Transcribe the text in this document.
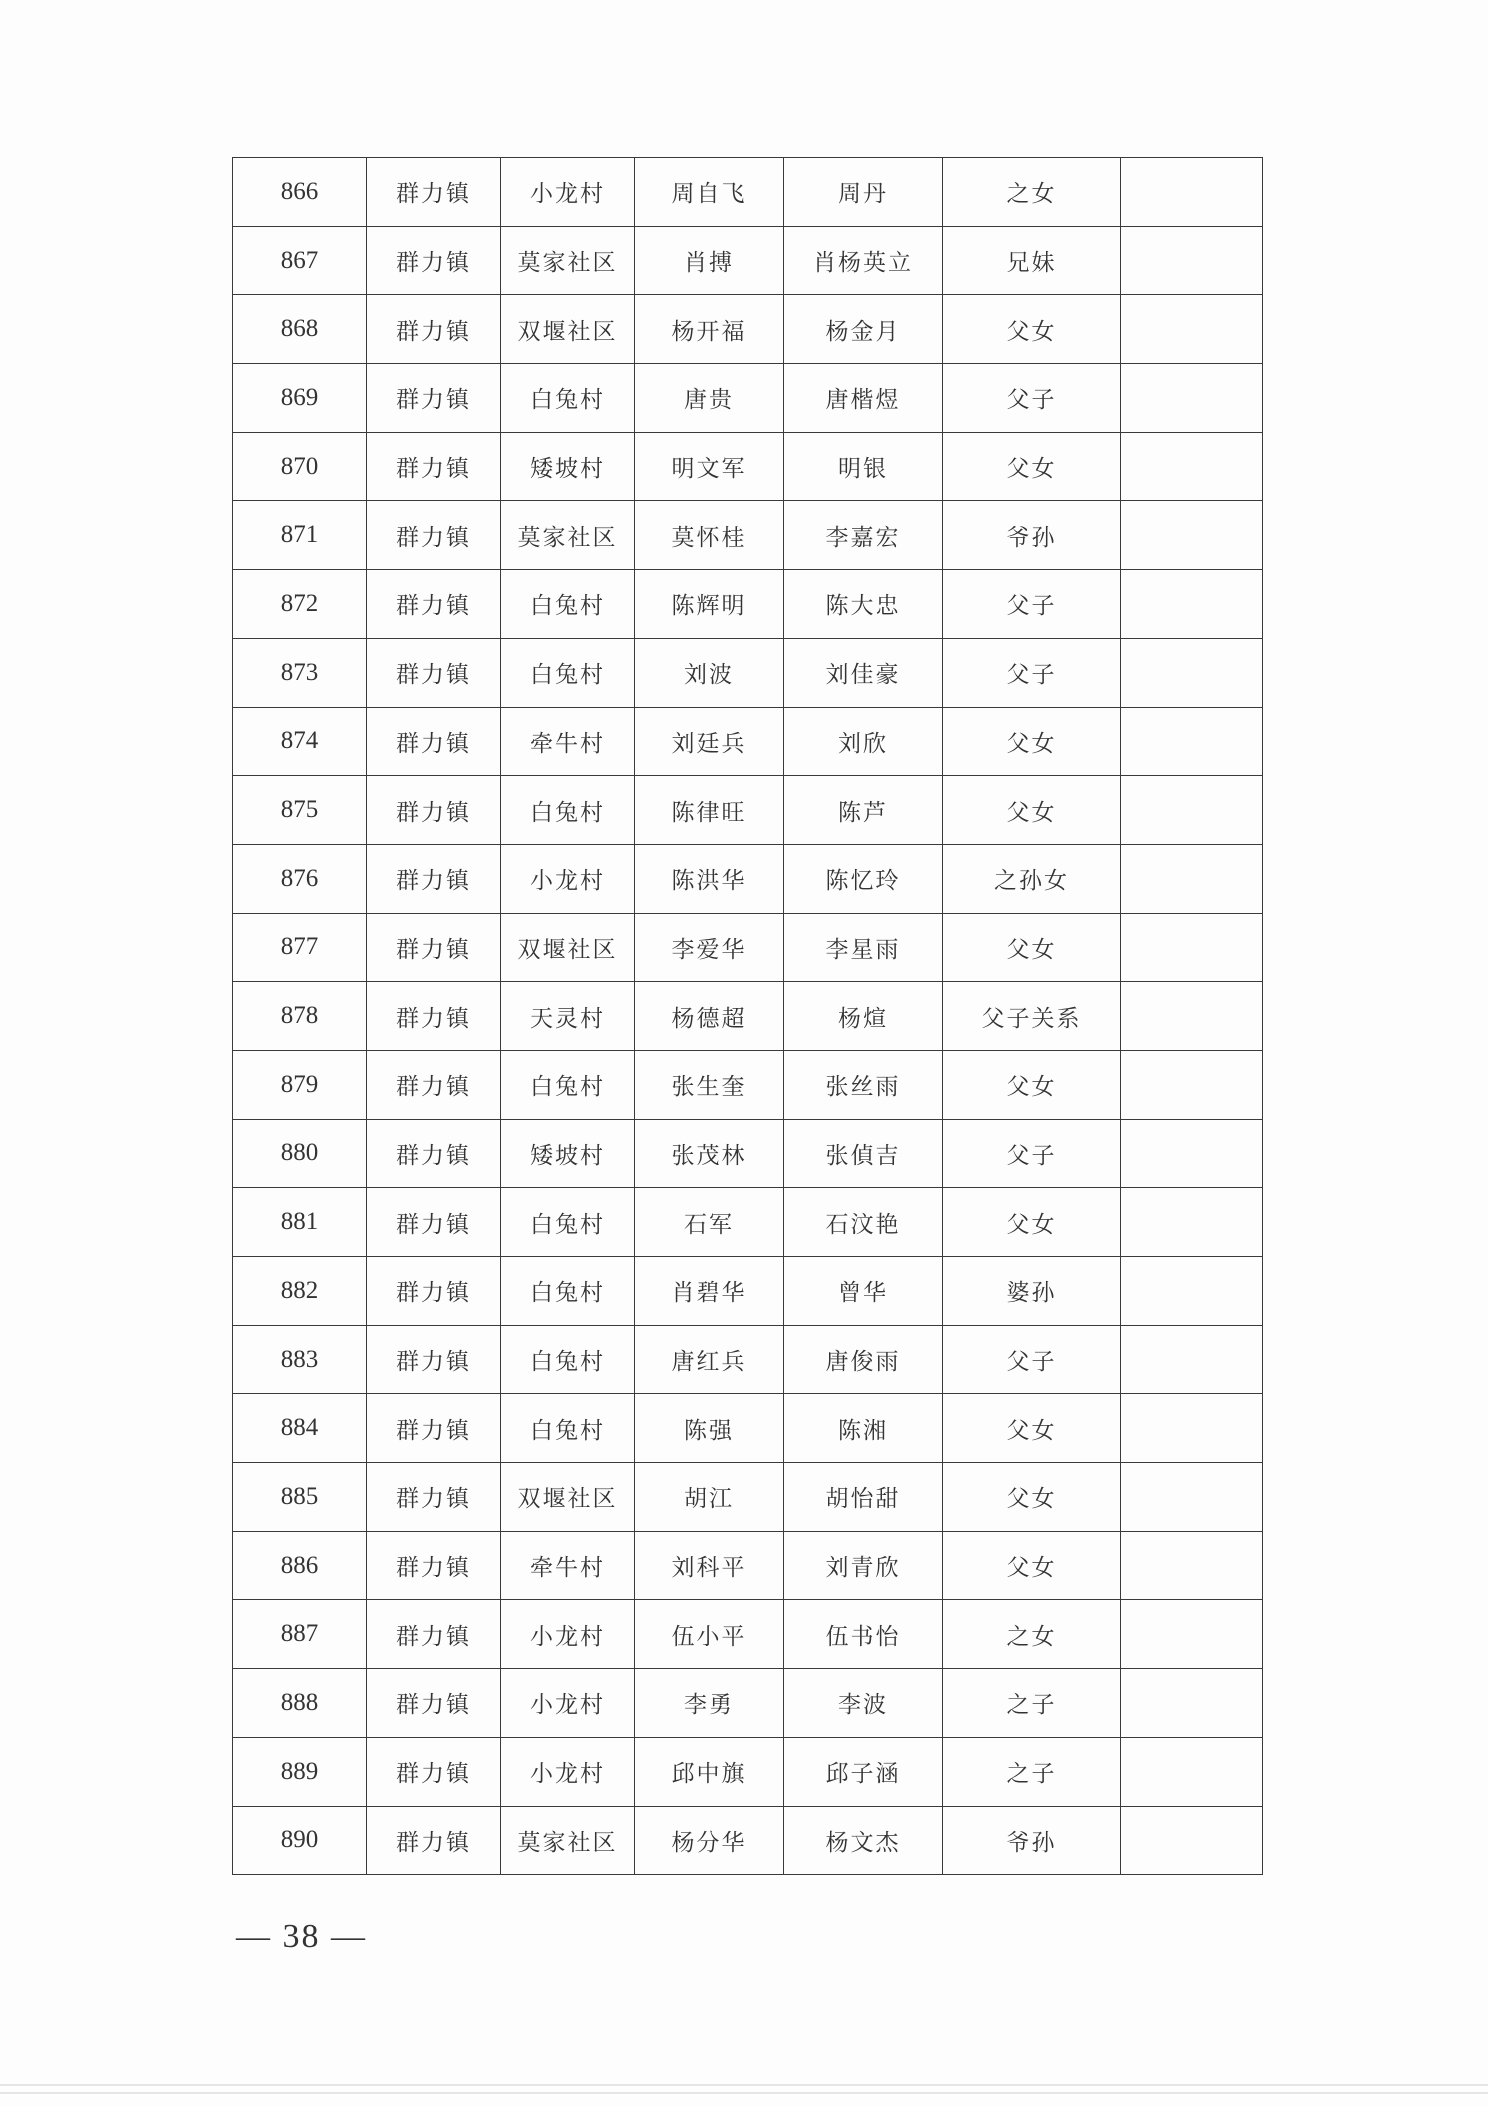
866	群力镇	小龙村	周自飞	周丹	之女	
867	群力镇	莫家社区	肖搏	肖杨英立	兄妹	
868	群力镇	双堰社区	杨开福	杨金月	父女	
869	群力镇	白兔村	唐贵	唐楷煜	父子	
870	群力镇	矮坡村	明文军	明银	父女	
871	群力镇	莫家社区	莫怀桂	李嘉宏	爷孙	
872	群力镇	白兔村	陈辉明	陈大忠	父子	
873	群力镇	白兔村	刘波	刘佳豪	父子	
874	群力镇	牵牛村	刘廷兵	刘欣	父女	
875	群力镇	白兔村	陈律旺	陈芦	父女	
876	群力镇	小龙村	陈洪华	陈忆玲	之孙女	
877	群力镇	双堰社区	李爱华	李星雨	父女	
878	群力镇	天灵村	杨德超	杨煊	父子关系	
879	群力镇	白兔村	张生奎	张丝雨	父女	
880	群力镇	矮坡村	张茂林	张偵吉	父子	
881	群力镇	白兔村	石军	石汶艳	父女	
882	群力镇	白兔村	肖碧华	曾华	婆孙	
883	群力镇	白兔村	唐红兵	唐俊雨	父子	
884	群力镇	白兔村	陈强	陈湘	父女	
885	群力镇	双堰社区	胡江	胡怡甜	父女	
886	群力镇	牵牛村	刘科平	刘青欣	父女	
887	群力镇	小龙村	伍小平	伍书怡	之女	
888	群力镇	小龙村	李勇	李波	之子	
889	群力镇	小龙村	邱中旗	邱子涵	之子	
890	群力镇	莫家社区	杨分华	杨文杰	爷孙	
— 38 —
